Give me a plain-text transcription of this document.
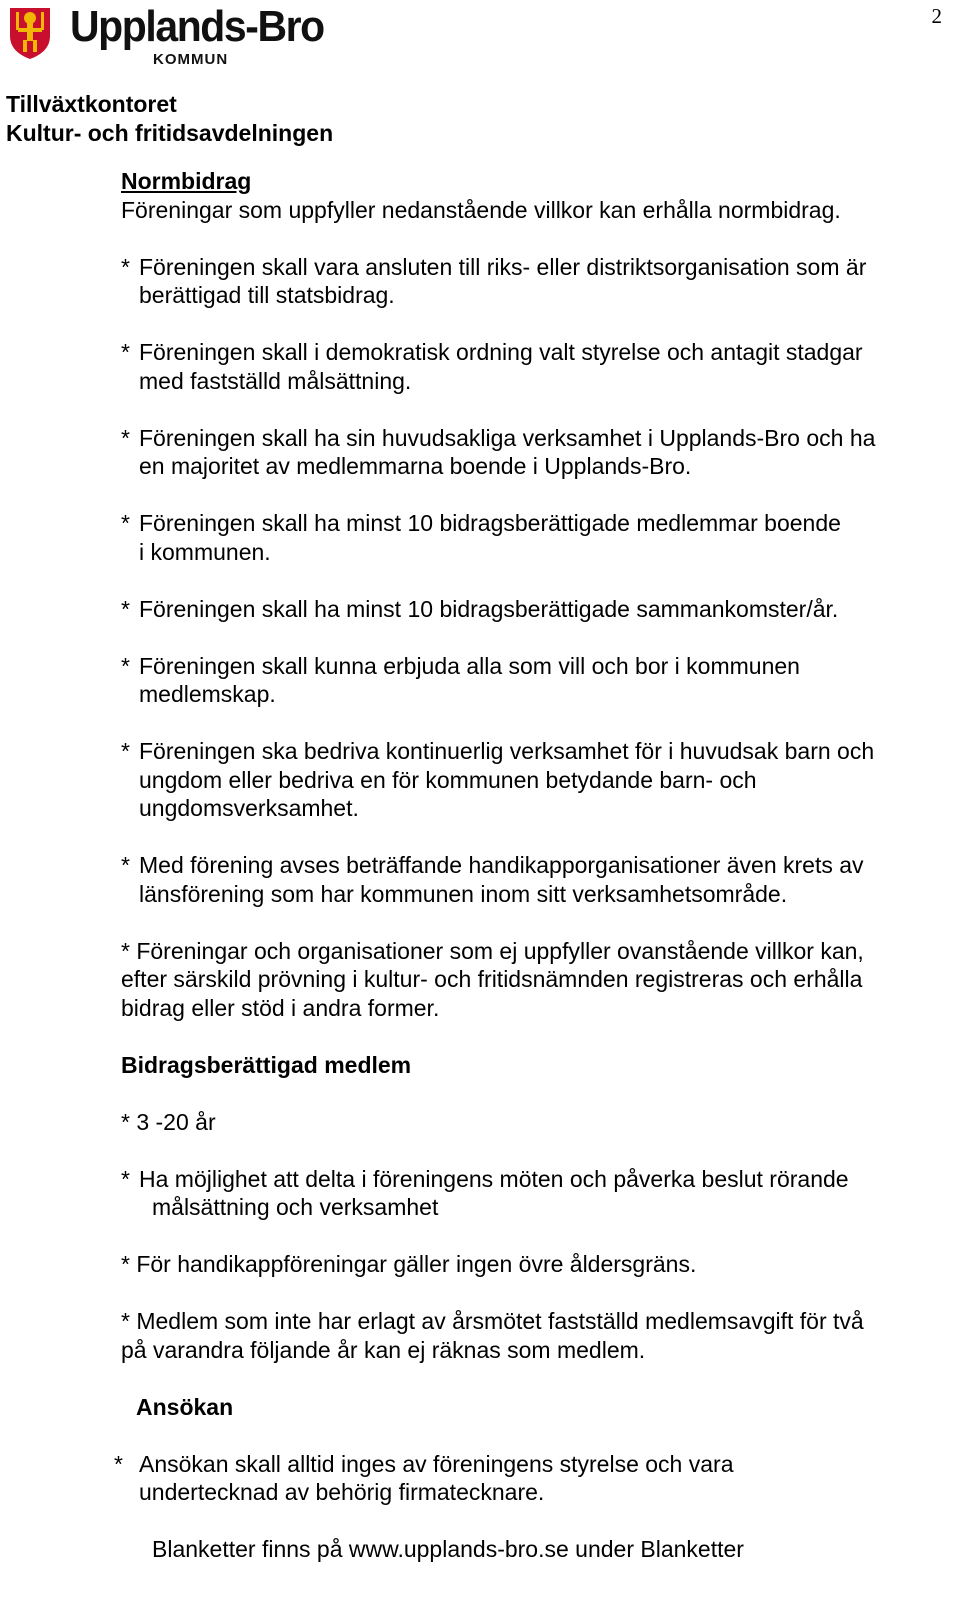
Upplands-Bro
KOMMUN
2
Tillväxtkontoret
Kultur- och fritidsavdelningen

Normbidrag

Föreningar som uppfyller nedanstående villkor kan erhålla normbidrag.

* Föreningen skall vara ansluten till riks- eller distriktsorganisation som är

berättigad till statsbidrag.

* Föreningen skall i demokratisk ordning valt styrelse och antagit stadgar

med fastställd målsättning.

* Föreningen skall ha sin huvudsakliga verksamhet i Upplands-Bro och ha

en majoritet av medlemmarna boende i Upplands-Bro.

* Föreningen skall ha minst 10 bidragsberättigade medlemmar boende

i kommunen.

* Föreningen skall ha minst 10 bidragsberättigade sammankomster/år.

* Föreningen skall kunna erbjuda alla som vill och bor i kommunen

medlemskap.

* Föreningen ska bedriva kontinuerlig verksamhet för i huvudsak barn och

ungdom eller bedriva en för kommunen betydande barn- och

ungdomsverksamhet.

* Med förening avses beträffande handikapporganisationer även krets av

länsförening som har kommunen inom sitt verksamhetsområde.

* Föreningar och organisationer som ej uppfyller ovanstående villkor kan,

efter särskild prövning i kultur- och fritidsnämnden registreras och erhålla

bidrag eller stöd i andra former.

Bidragsberättigad medlem

* 3 -20 år

* Ha möjlighet att delta i föreningens möten och påverka beslut rörande

målsättning och verksamhet

* För handikappföreningar gäller ingen övre åldersgräns.

* Medlem som inte har erlagt av årsmötet fastställd medlemsavgift för två

på varandra följande år kan ej räknas som medlem.

Ansökan

* Ansökan skall alltid inges av föreningens styrelse och vara

undertecknad av behörig firmatecknare.

Blanketter finns på www.upplands-bro.se under Blanketter
